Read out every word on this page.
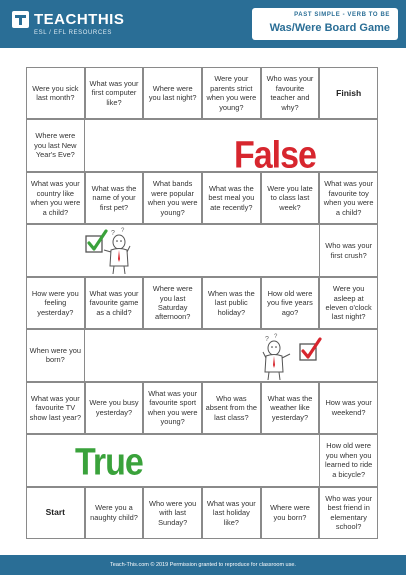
TEACHTHIS
ESL / EFL RESOURCES
PAST SIMPLE - VERB TO BE
Was/Were Board Game
Were you sick last month?
What was your first computer like?
Where were you last night?
Were your parents strict when you were young?
Who was your favourite teacher and why?
Finish
Where were you last New Year's Eve?
What was your country like when you were a child?
What was the name of your first pet?
What bands were popular when you were young?
What was the best meal you ate recently?
Were you late to class last week?
What was your favourite toy when you were a child?
Who was your first crush?
How were you feeling yesterday?
What was your favourite game as a child?
Where were you last Saturday afternoon?
When was the last public holiday?
How old were you five years ago?
Were you asleep at eleven o'clock last night?
When were you born?
What was your favourite TV show last year?
Were you busy yesterday?
What was your favourite sport when you were young?
Who was absent from the last class?
What was the weather like yesterday?
How was your weekend?
How old were you when you learned to ride a bicycle?
Start	Were you a naughty child?
Who were you with last Sunday?
What was your last holiday like?
Where were you born?
Who was your best friend in elementary school?
False
True
? ?
? ?
Teach-This.com © 2019 Permission granted to reproduce for classroom use.
